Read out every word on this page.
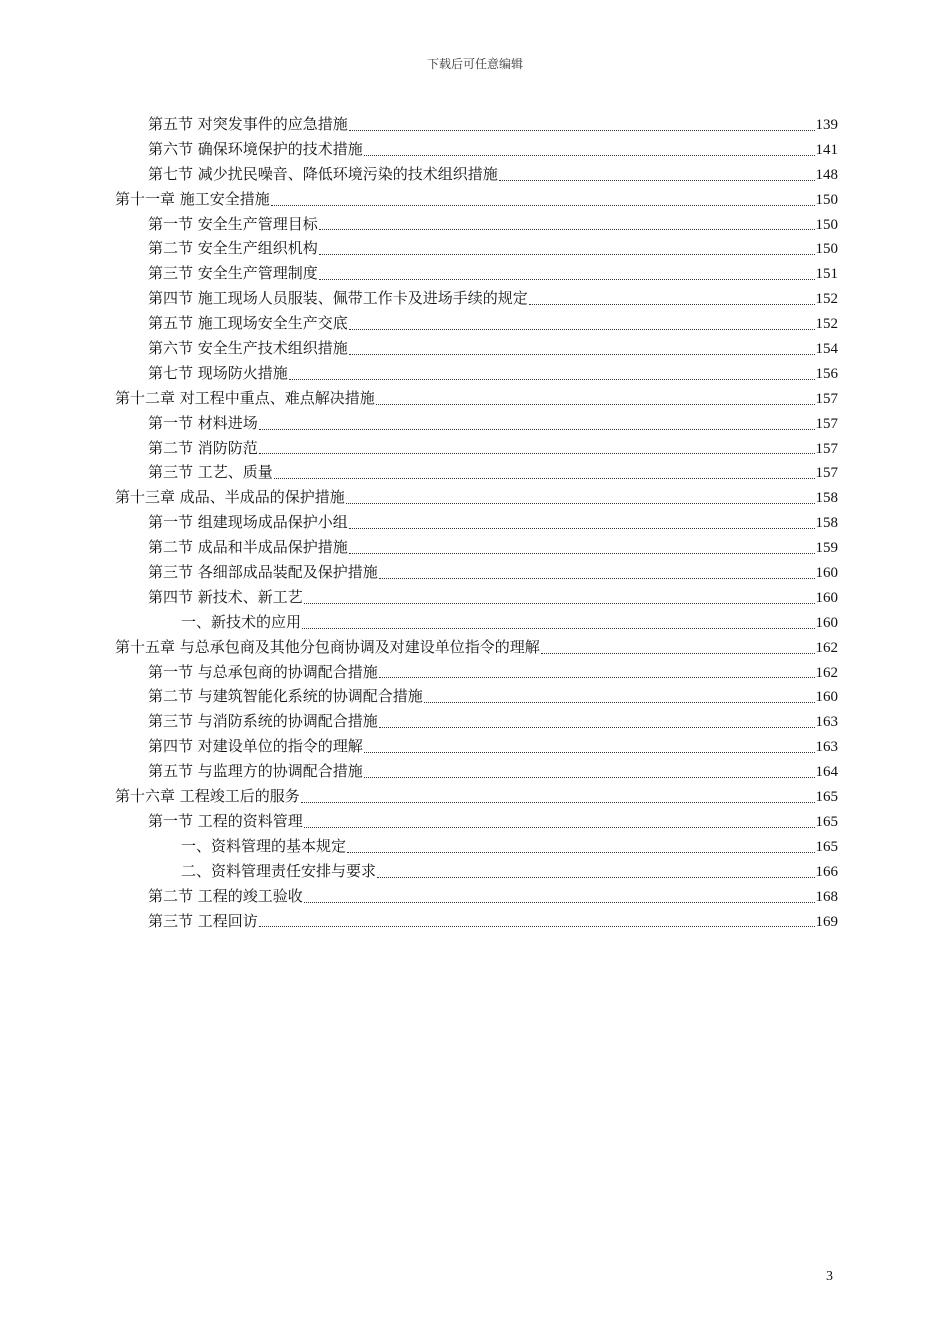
下载后可任意编辑
第五节 对突发事件的应急措施	139
第六节 确保环境保护的技术措施	141
第七节 减少扰民噪音、降低环境污染的技术组织措施	148
第十一章 施工安全措施	150
第一节 安全生产管理目标	150
第二节 安全生产组织机构	150
第三节 安全生产管理制度	151
第四节 施工现场人员服装、佩带工作卡及进场手续的规定	152
第五节 施工现场安全生产交底	152
第六节 安全生产技术组织措施	154
第七节 现场防火措施	156
第十二章 对工程中重点、难点解决措施	157
第一节 材料进场	157
第二节 消防防范	157
第三节 工艺、质量	157
第十三章 成品、半成品的保护措施	158
第一节 组建现场成品保护小组	158
第二节 成品和半成品保护措施	159
第三节 各细部成品装配及保护措施	160
第四节 新技术、新工艺	160
一、新技术的应用	160
第十五章 与总承包商及其他分包商协调及对建设单位指令的理解	162
第一节 与总承包商的协调配合措施	162
第二节 与建筑智能化系统的协调配合措施	160
第三节 与消防系统的协调配合措施	163
第四节 对建设单位的指令的理解	163
第五节 与监理方的协调配合措施	164
第十六章 工程竣工后的服务	165
第一节 工程的资料管理	165
一、资料管理的基本规定	165
二、资料管理责任安排与要求	166
第二节 工程的竣工验收	168
第三节 工程回访	169
3
